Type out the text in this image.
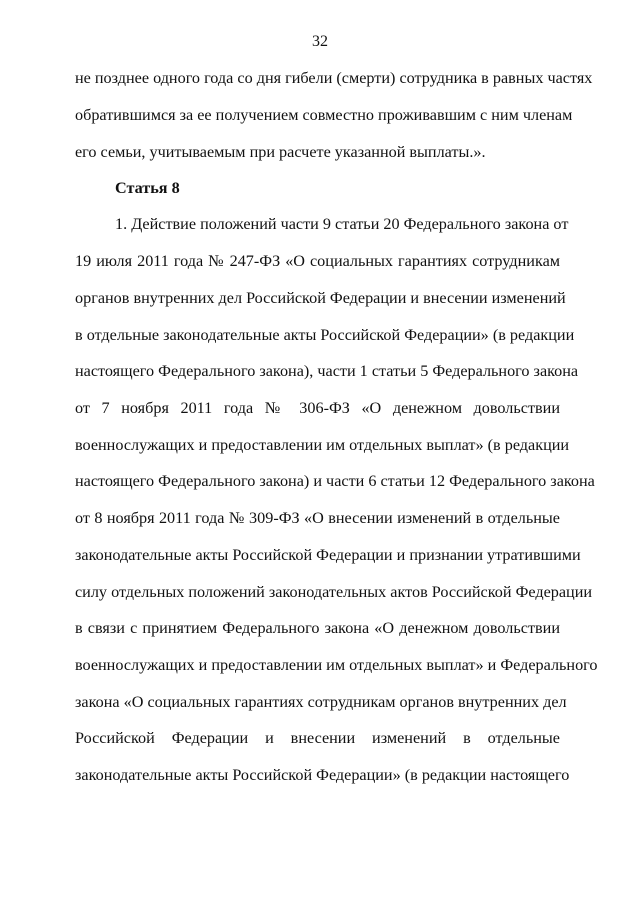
32
не позднее одного года со дня гибели (смерти) сотрудника в равных частях
обратившимся за ее получением совместно проживавшим с ним членам
его семьи, учитываемым при расчете указанной выплаты.».
Статья 8
1. Действие положений части 9 статьи 20 Федерального закона от
19 июля 2011 года № 247-ФЗ «О социальных гарантиях сотрудникам
органов внутренних дел Российской Федерации и внесении изменений
в отдельные законодательные акты Российской Федерации» (в редакции
настоящего Федерального закона), части 1 статьи 5 Федерального закона
от 7 ноября 2011 года № 306-ФЗ «О денежном довольствии
военнослужащих и предоставлении им отдельных выплат» (в редакции
настоящего Федерального закона) и части 6 статьи 12 Федерального закона
от 8 ноября 2011 года № 309-ФЗ «О внесении изменений в отдельные
законодательные акты Российской Федерации и признании утратившими
силу отдельных положений законодательных актов Российской Федерации
в связи с принятием Федерального закона «О денежном довольствии
военнослужащих и предоставлении им отдельных выплат» и Федерального
закона «О социальных гарантиях сотрудникам органов внутренних дел
Российской Федерации и внесении изменений в отдельные
законодательные акты Российской Федерации» (в редакции настоящего
